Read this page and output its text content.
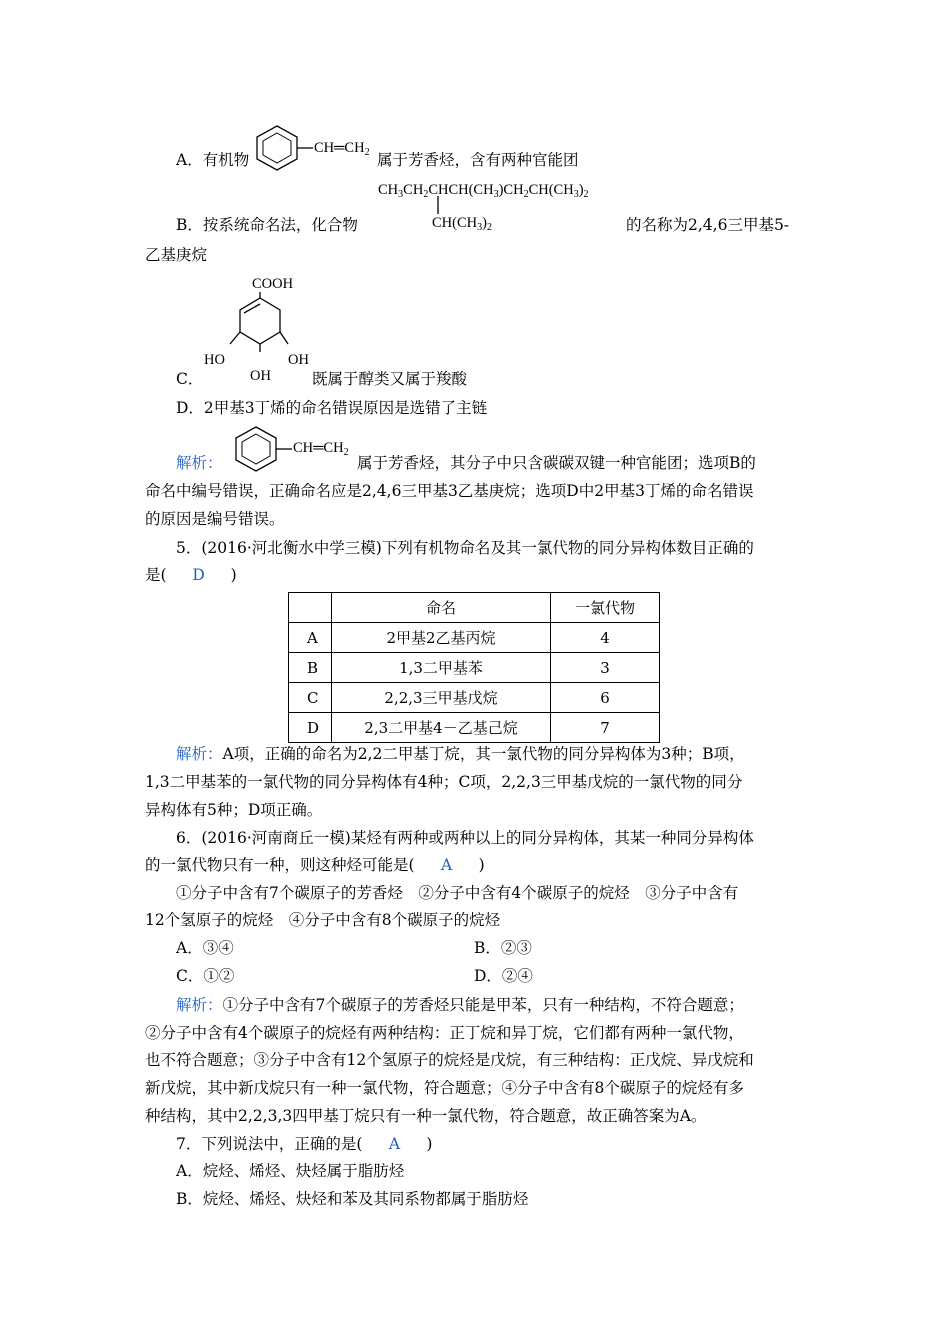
A．有机物
$CH═CH_2$ 属于芳香烃，含有两种官能团
$CH_3CH_2CHCH(CH_3)CH_2CH(CH_3)_2$
$CH(CH_3)_2$
B．按系统命名法，化合物	的名称为2,4,6三甲基5-
乙基庚烷
COOH
HO	OH
OH
C．	既属于醇类又属于羧酸
D．2甲基3丁烯的命名错误原因是选错了主链
解析：
$CH═CH_2$
属于芳香烃，其分子中只含碳碳双键一种官能团；选项B的
命名中编号错误，正确命名应是2,4,6三甲基3乙基庚烷；选项D中2甲基3丁烯的命名错误
的原因是编号错误。
5．(2016·河北衡水中学三模)下列有机物命名及其一氯代物的同分异构体数目正确的
是( D )
	命名	一氯代物
A	2甲基2乙基丙烷	4
B	1,3二甲基苯	3
C	2,2,3三甲基戊烷	6
D	2,3二甲基4－乙基己烷	7
解析：A项，正确的命名为2,2二甲基丁烷，其一氯代物的同分异构体为3种；B项，
1,3二甲基苯的一氯代物的同分异构体有4种；C项，2,2,3三甲基戊烷的一氯代物的同分
异构体有5种；D项正确。
6．(2016·河南商丘一模)某烃有两种或两种以上的同分异构体，其某一种同分异构体
的一氯代物只有一种，则这种烃可能是( A )
①分子中含有7个碳原子的芳香烃　②分子中含有4个碳原子的烷烃　③分子中含有
12个氢原子的烷烃　④分子中含有8个碳原子的烷烃
A．③④	B．②③
C．①②	D．②④
解析：①分子中含有7个碳原子的芳香烃只能是甲苯，只有一种结构，不符合题意；
②分子中含有4个碳原子的烷烃有两种结构：正丁烷和异丁烷，它们都有两种一氯代物，
也不符合题意；③分子中含有12个氢原子的烷烃是戊烷，有三种结构：正戊烷、异戊烷和
新戊烷，其中新戊烷只有一种一氯代物，符合题意；④分子中含有8个碳原子的烷烃有多
种结构，其中2,2,3,3四甲基丁烷只有一种一氯代物，符合题意，故正确答案为A。
7．下列说法中，正确的是( A )
A．烷烃、烯烃、炔烃属于脂肪烃
B．烷烃、烯烃、炔烃和苯及其同系物都属于脂肪烃
